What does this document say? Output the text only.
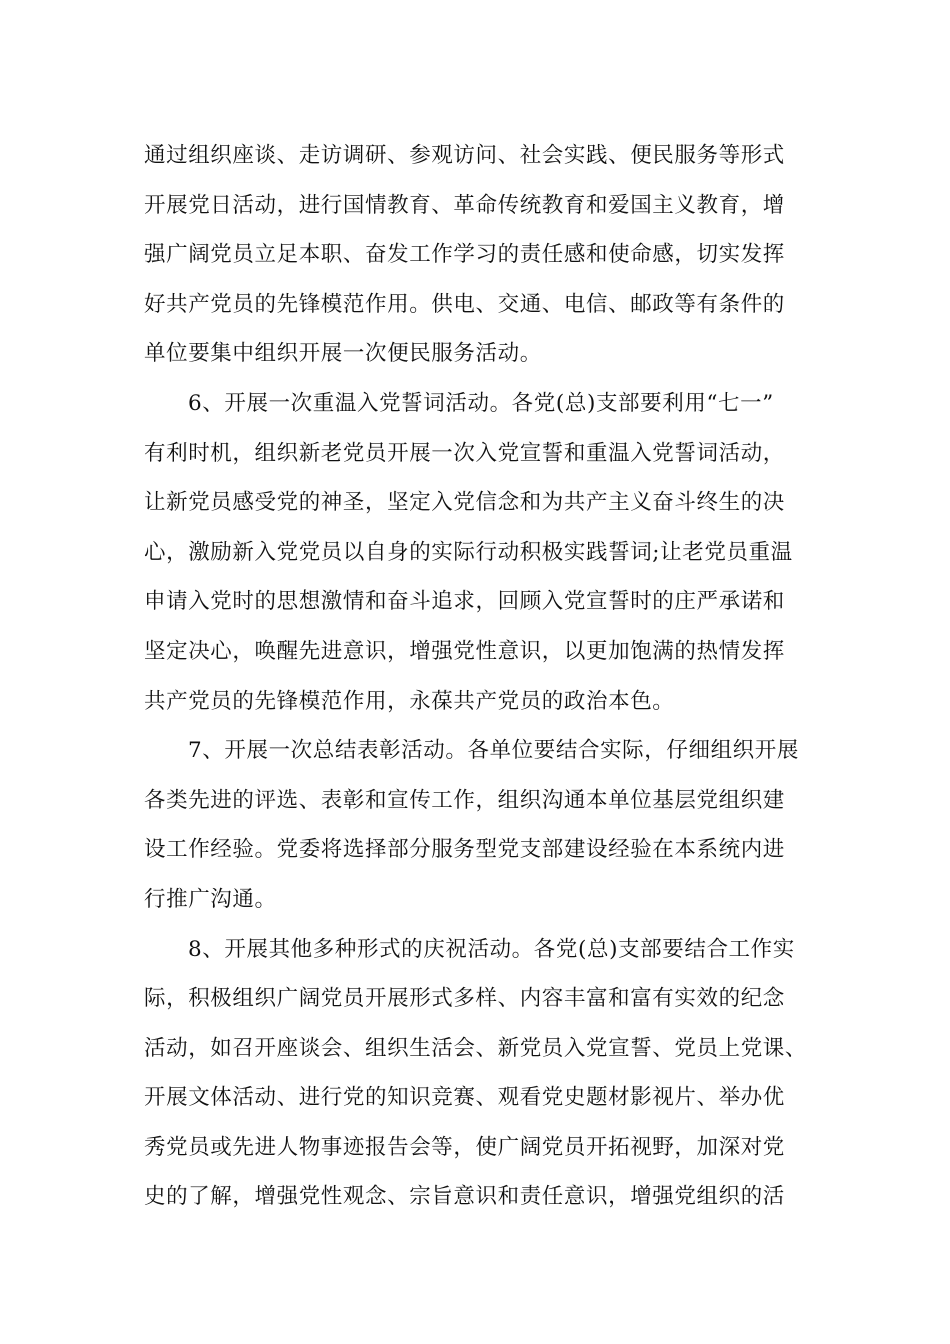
通过组织座谈、走访调研、参观访问、社会实践、便民服务等形式
开展党日活动，进行国情教育、革命传统教育和爱国主义教育，增
强广阔党员立足本职、奋发工作学习的责任感和使命感，切实发挥
好共产党员的先锋模范作用。供电、交通、电信、邮政等有条件的
单位要集中组织开展一次便民服务活动。
6、开展一次重温入党誓词活动。各党(总)支部要利用“七一”
有利时机，组织新老党员开展一次入党宣誓和重温入党誓词活动，
让新党员感受党的神圣，坚定入党信念和为共产主义奋斗终生的决
心，激励新入党党员以自身的实际行动积极实践誓词;让老党员重温
申请入党时的思想激情和奋斗追求，回顾入党宣誓时的庄严承诺和
坚定决心，唤醒先进意识，增强党性意识，以更加饱满的热情发挥
共产党员的先锋模范作用，永葆共产党员的政治本色。
7、开展一次总结表彰活动。各单位要结合实际，仔细组织开展
各类先进的评选、表彰和宣传工作，组织沟通本单位基层党组织建
设工作经验。党委将选择部分服务型党支部建设经验在本系统内进
行推广沟通。
8、开展其他多种形式的庆祝活动。各党(总)支部要结合工作实
际，积极组织广阔党员开展形式多样、内容丰富和富有实效的纪念
活动，如召开座谈会、组织生活会、新党员入党宣誓、党员上党课、
开展文体活动、进行党的知识竞赛、观看党史题材影视片、举办优
秀党员或先进人物事迹报告会等，使广阔党员开拓视野，加深对党
史的了解，增强党性观念、宗旨意识和责任意识，增强党组织的活
